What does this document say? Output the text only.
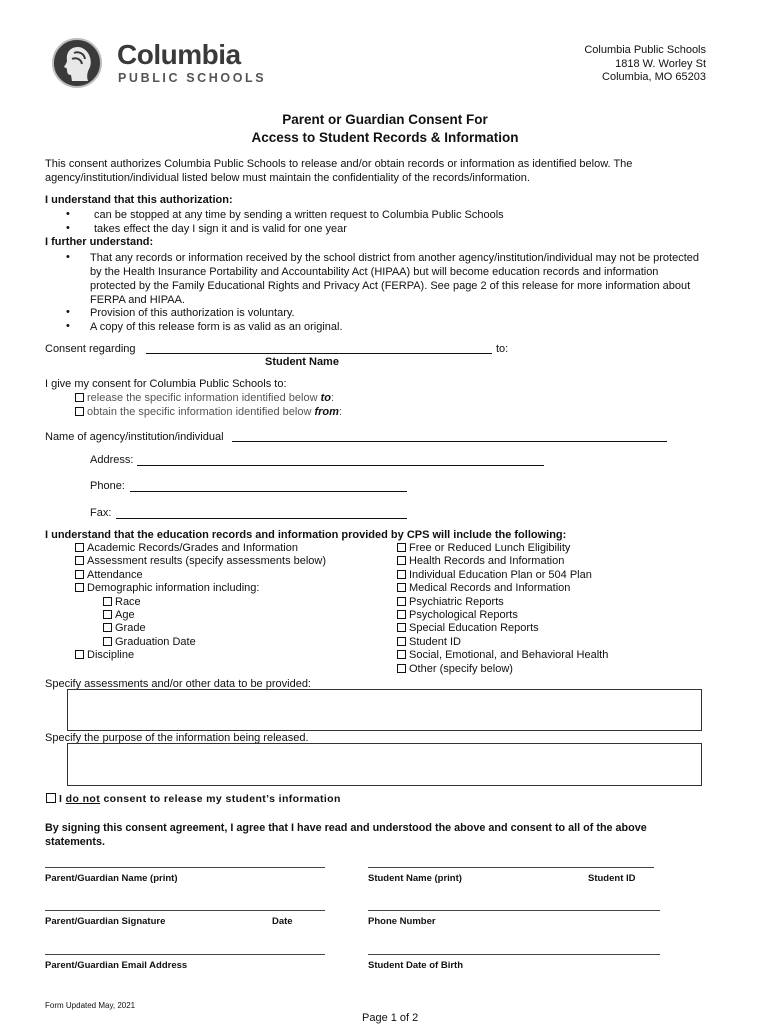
Columbia
PUBLIC SCHOOLS
Columbia Public Schools
1818 W. Worley St
Columbia, MO 65203
Parent or Guardian Consent For
Access to Student Records & Information
This consent authorizes Columbia Public Schools to release and/or obtain records or information as identified below. The
agency/institution/individual listed below must maintain the confidentiality of the records/information.
I understand that this authorization:
• can be stopped at any time by sending a written request to Columbia Public Schools
• takes effect the day I sign it and is valid for one year
I further understand:
• That any records or information received by the school district from another agency/institution/individual may not be protected
by the Health Insurance Portability and Accountability Act (HIPAA) but will become education records and information
protected by the Family Educational Rights and Privacy Act (FERPA). See page 2 of this release for more information about
FERPA and HIPAA.
• Provision of this authorization is voluntary.
• A copy of this release form is as valid as an original.
Consent regarding	to:
Student Name
I give my consent for Columbia Public Schools to:
release the specific information identified below to:
obtain the specific information identified below from:
Name of agency/institution/individual
Address:
Phone:
Fax:
I understand that the education records and information provided by CPS will include the following:
Academic Records/Grades and Information
Assessment results (specify assessments below)
Attendance
Demographic information including:
Race
Age
Grade
Graduation Date
Discipline
Free or Reduced Lunch Eligibility
Health Records and Information
Individual Education Plan or 504 Plan
Medical Records and Information
Psychiatric Reports
Psychological Reports
Special Education Reports
Student ID
Social, Emotional, and Behavioral Health
Other (specify below)
Specify assessments and/or other data to be provided:
Specify the purpose of the information being released.
I do not consent to release my student’s information
By signing this consent agreement, I agree that I have read and understood the above and consent to all of the above
statements.
Parent/Guardian Name (print)	Student Name (print)	Student ID
Parent/Guardian Signature	Date	Phone Number
Parent/Guardian Email Address	Student Date of Birth
Form Updated May, 2021
Page 1 of 2
